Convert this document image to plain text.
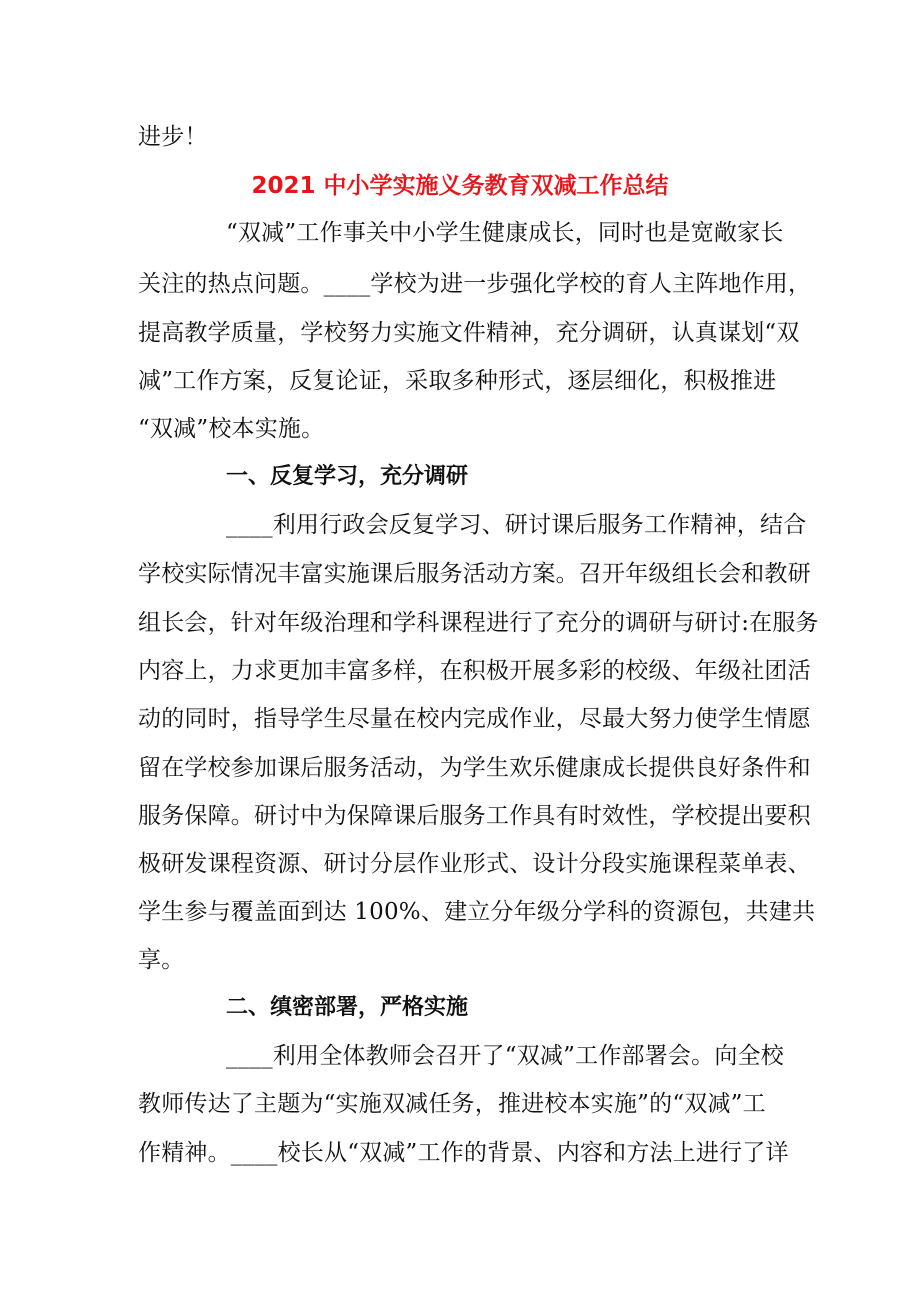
进步！
2021 中小学实施义务教育双减工作总结
“双减”工作事关中小学生健康成长，同时也是宽敞家长
关注的热点问题。____学校为进一步强化学校的育人主阵地作用，
提高教学质量，学校努力实施文件精神，充分调研，认真谋划“双
减”工作方案，反复论证，采取多种形式，逐层细化，积极推进
“双减”校本实施。
一、反复学习，充分调研
____利用行政会反复学习、研讨课后服务工作精神，结合
学校实际情况丰富实施课后服务活动方案。召开年级组长会和教研
组长会，针对年级治理和学科课程进行了充分的调研与研讨:在服务
内容上，力求更加丰富多样，在积极开展多彩的校级、年级社团活
动的同时，指导学生尽量在校内完成作业，尽最大努力使学生情愿
留在学校参加课后服务活动，为学生欢乐健康成长提供良好条件和
服务保障。研讨中为保障课后服务工作具有时效性，学校提出要积
极研发课程资源、研讨分层作业形式、设计分段实施课程菜单表、
学生参与覆盖面到达 100%、建立分年级分学科的资源包，共建共
享。
二、缜密部署，严格实施
____利用全体教师会召开了“双减”工作部署会。向全校
教师传达了主题为“实施双减任务，推进校本实施”的“双减”工
作精神。____校长从“双减”工作的背景、内容和方法上进行了详
